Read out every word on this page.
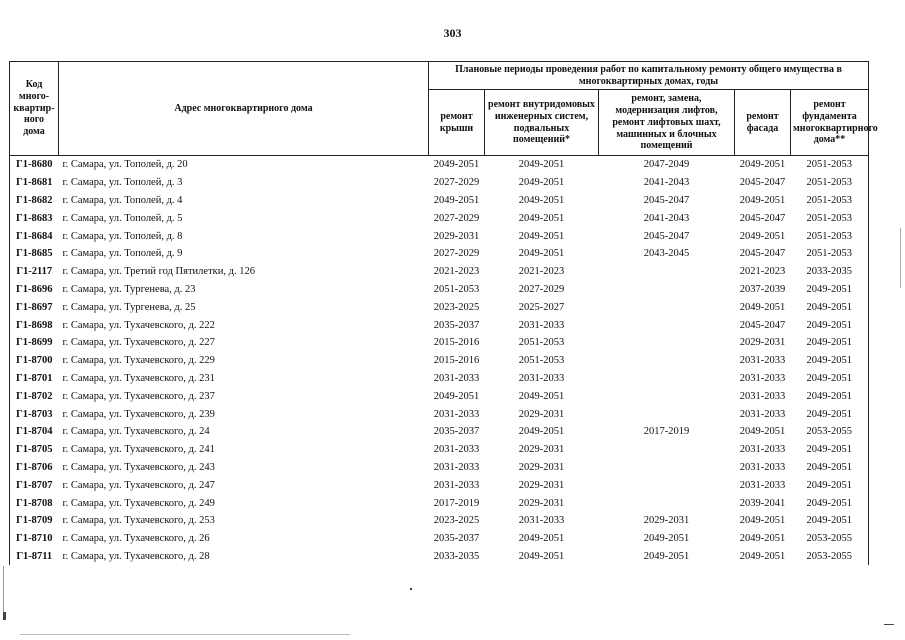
303
Код много-квартир-ного дома	Адрес многоквартирного дома	Плановые периоды проведения работ по капитальному ремонту общего имущества в многоквартирных домах, годы				
		ремонт крыши	ремонт внутридомовых инженерных систем, подвальных помещений*	ремонт, замена, модернизация лифтов, ремонт лифтовых шахт, машинных и блочных помещений	ремонт фасада	ремонт фундамента многоквартирного дома**
Г1-8680	г. Самара, ул. Тополей, д. 20	2049-2051	2049-2051	2047-2049	2049-2051	2051-2053
Г1-8681	г. Самара, ул. Тополей, д. 3	2027-2029	2049-2051	2041-2043	2045-2047	2051-2053
Г1-8682	г. Самара, ул. Тополей, д. 4	2049-2051	2049-2051	2045-2047	2049-2051	2051-2053
Г1-8683	г. Самара, ул. Тополей, д. 5	2027-2029	2049-2051	2041-2043	2045-2047	2051-2053
Г1-8684	г. Самара, ул. Тополей, д. 8	2029-2031	2049-2051	2045-2047	2049-2051	2051-2053
Г1-8685	г. Самара, ул. Тополей, д. 9	2027-2029	2049-2051	2043-2045	2045-2047	2051-2053
Г1-2117	г. Самара, ул. Третий год Пятилетки, д. 126	2021-2023	2021-2023		2021-2023	2033-2035
Г1-8696	г. Самара, ул. Тургенева, д. 23	2051-2053	2027-2029		2037-2039	2049-2051
Г1-8697	г. Самара, ул. Тургенева, д. 25	2023-2025	2025-2027		2049-2051	2049-2051
Г1-8698	г. Самара, ул. Тухачевского, д. 222	2035-2037	2031-2033		2045-2047	2049-2051
Г1-8699	г. Самара, ул. Тухачевского, д. 227	2015-2016	2051-2053		2029-2031	2049-2051
Г1-8700	г. Самара, ул. Тухачевского, д. 229	2015-2016	2051-2053		2031-2033	2049-2051
Г1-8701	г. Самара, ул. Тухачевского, д. 231	2031-2033	2031-2033		2031-2033	2049-2051
Г1-8702	г. Самара, ул. Тухачевского, д. 237	2049-2051	2049-2051		2031-2033	2049-2051
Г1-8703	г. Самара, ул. Тухачевского, д. 239	2031-2033	2029-2031		2031-2033	2049-2051
Г1-8704	г. Самара, ул. Тухачевского, д. 24	2035-2037	2049-2051	2017-2019	2049-2051	2053-2055
Г1-8705	г. Самара, ул. Тухачевского, д. 241	2031-2033	2029-2031		2031-2033	2049-2051
Г1-8706	г. Самара, ул. Тухачевского, д. 243	2031-2033	2029-2031		2031-2033	2049-2051
Г1-8707	г. Самара, ул. Тухачевского, д. 247	2031-2033	2029-2031		2031-2033	2049-2051
Г1-8708	г. Самара, ул. Тухачевского, д. 249	2017-2019	2029-2031		2039-2041	2049-2051
Г1-8709	г. Самара, ул. Тухачевского, д. 253	2023-2025	2031-2033	2029-2031	2049-2051	2049-2051
Г1-8710	г. Самара, ул. Тухачевского, д. 26	2035-2037	2049-2051	2049-2051	2049-2051	2053-2055
Г1-8711	г. Самара, ул. Тухачевского, д. 28	2033-2035	2049-2051	2049-2051	2049-2051	2053-2055
